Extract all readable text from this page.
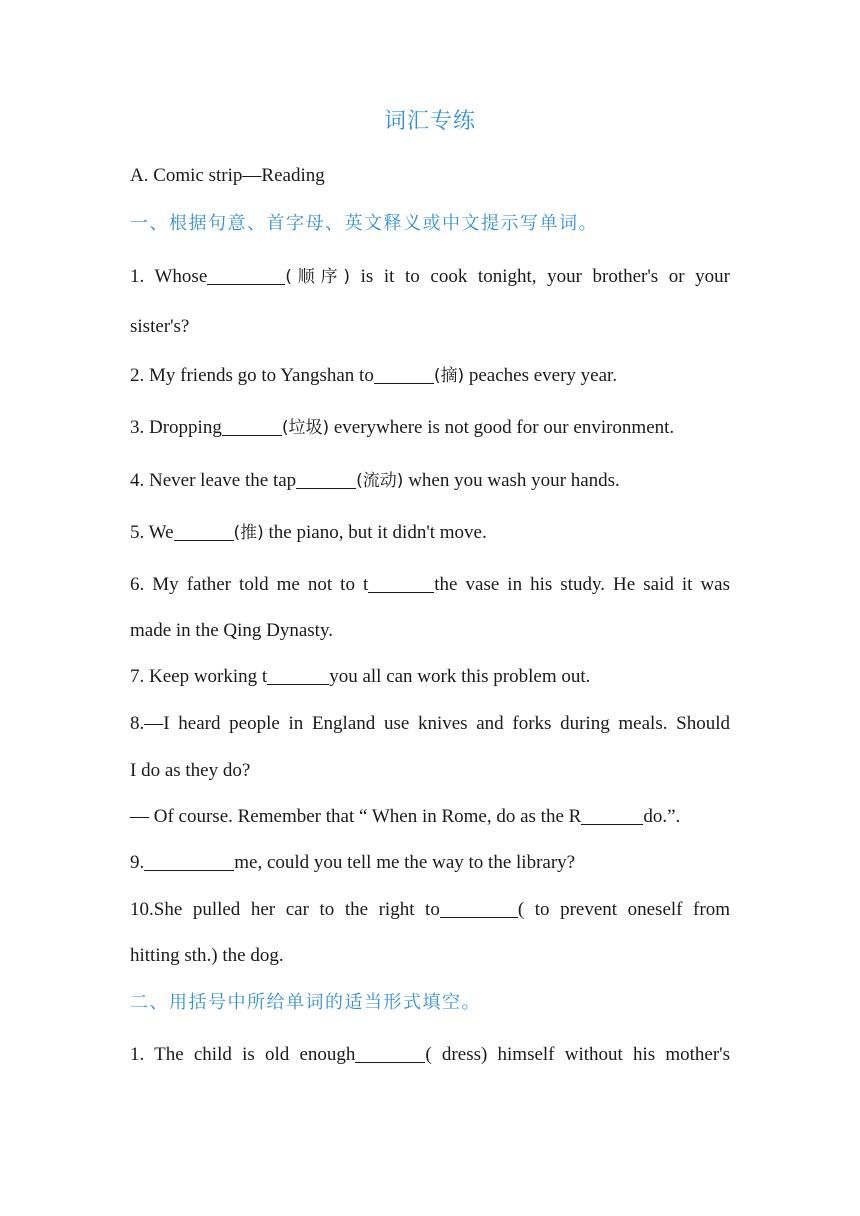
词汇专练
A. Comic strip—Reading
一、根据句意、首字母、英文释义或中文提示写单词。
1. Whose	(顺序) is it to cook tonight, your brother's or your
sister's?
2. My friends go to Yangshan to	(摘) peaches every year.
3. Dropping	(垃圾) everywhere is not good for our environment.
4. Never leave the tap	(流动) when you wash your hands.
5. We	(推) the piano, but it didn't move.
6. My father told me not to t	the vase in his study. He said it was
made in the Qing Dynasty.
7. Keep working t	you all can work this problem out.
8.—I heard people in England use knives and forks during meals. Should
I do as they do?
— Of course. Remember that “ When in Rome, do as the R	do.”.
9.	me, could you tell me the way to the library?
10.She pulled her car to the right to	( to prevent oneself from
hitting sth.) the dog.
二、用括号中所给单词的适当形式填空。
1. The child is old enough	( dress) himself without his mother's
